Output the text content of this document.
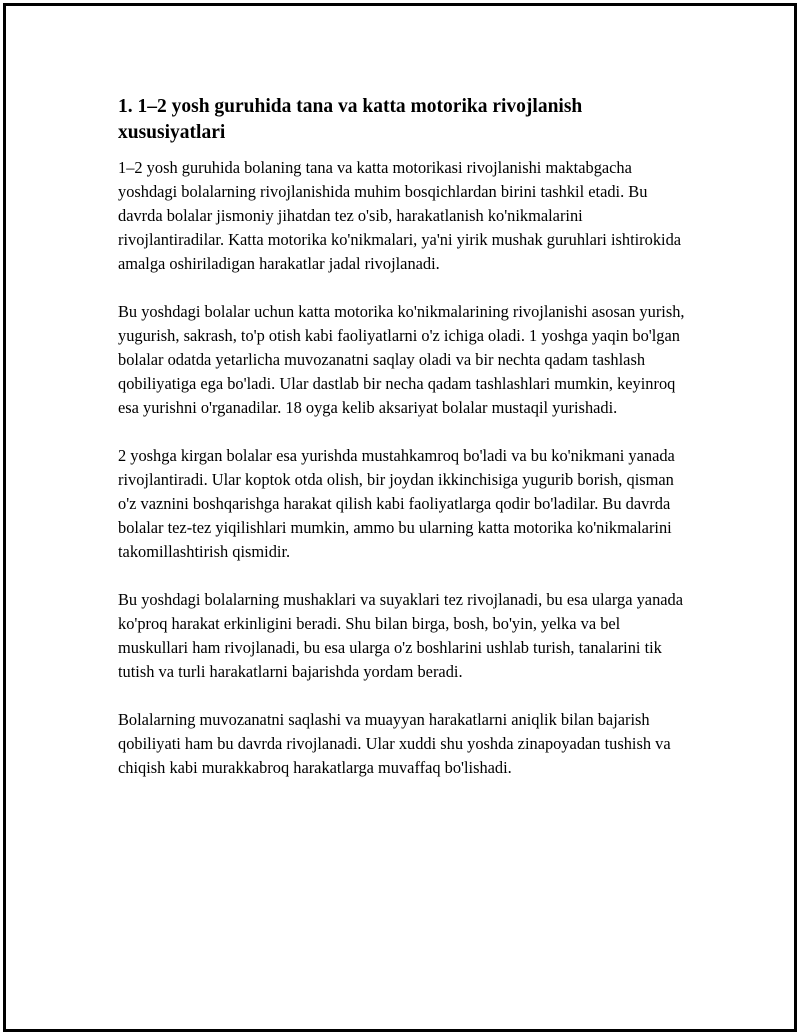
1. 1–2 yosh guruhida tana va katta motorika rivojlanish xususiyatlari

1–2 yosh guruhida bolaning tana va katta motorikasi rivojlanishi maktabgacha yoshdagi bolalarning rivojlanishida muhim bosqichlardan birini tashkil etadi. Bu davrda bolalar jismoniy jihatdan tez o'sib, harakatlanish ko'nikmalarini rivojlantiradilar. Katta motorika ko'nikmalari, ya'ni yirik mushak guruhlari ishtirokida amalga oshiriladigan harakatlar jadal rivojlanadi.

Bu yoshdagi bolalar uchun katta motorika ko'nikmalarining rivojlanishi asosan yurish, yugurish, sakrash, to'p otish kabi faoliyatlarni o'z ichiga oladi. 1 yoshga yaqin bo'lgan bolalar odatda yetarlicha muvozanatni saqlay oladi va bir nechta qadam tashlash qobiliyatiga ega bo'ladi. Ular dastlab bir necha qadam tashlashlari mumkin, keyinroq esa yurishni o'rganadilar. 18 oyga kelib aksariyat bolalar mustaqil yurishadi.

2 yoshga kirgan bolalar esa yurishda mustahkamroq bo'ladi va bu ko'nikmani yanada rivojlantiradi. Ular koptok otda olish, bir joydan ikkinchisiga yugurib borish, qisman o'z vaznini boshqarishga harakat qilish kabi faoliyatlarga qodir bo'ladilar. Bu davrda bolalar tez-tez yiqilishlari mumkin, ammo bu ularning katta motorika ko'nikmalarini takomillashtirish qismidir.

Bu yoshdagi bolalarning mushaklari va suyaklari tez rivojlanadi, bu esa ularga yanada ko'proq harakat erkinligini beradi. Shu bilan birga, bosh, bo'yin, yelka va bel muskullari ham rivojlanadi, bu esa ularga o'z boshlarini ushlab turish, tanalarini tik tutish va turli harakatlarni bajarishda yordam beradi.

Bolalarning muvozanatni saqlashi va muayyan harakatlarni aniqlik bilan bajarish qobiliyati ham bu davrda rivojlanadi. Ular xuddi shu yoshda zinapoyadan tushish va chiqish kabi murakkabroq harakatlarga muvaffaq bo'lishadi.
